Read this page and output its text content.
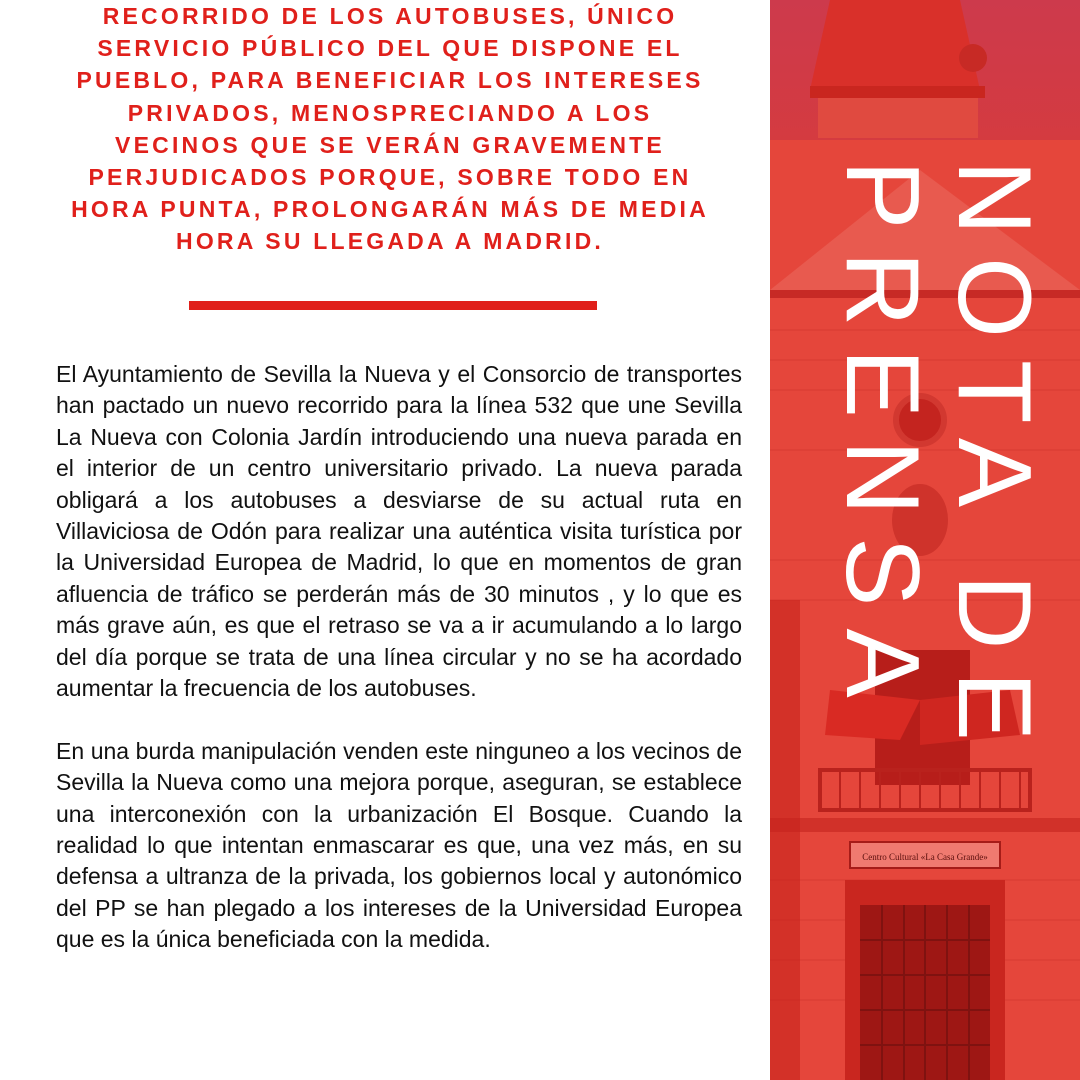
RECORRIDO DE LOS AUTOBUSES, ÚNICO
SERVICIO PÚBLICO DEL QUE DISPONE EL
PUEBLO, PARA BENEFICIAR LOS INTERESES
PRIVADOS, MENOSPRECIANDO A LOS
VECINOS QUE SE VERÁN GRAVEMENTE
PERJUDICADOS PORQUE, SOBRE TODO EN
HORA PUNTA, PROLONGARÁN MÁS DE MEDIA
HORA SU LLEGADA A MADRID.

El Ayuntamiento de Sevilla la Nueva y el Consorcio de transportes han pactado un nuevo recorrido para la línea 532 que une Sevilla La Nueva con Colonia Jardín introduciendo una nueva parada en el interior de un centro universitario privado. La nueva parada obligará a los autobuses a desviarse de su actual ruta en Villaviciosa de Odón para realizar una auténtica visita turística por la Universidad Europea de Madrid, lo que en momentos de gran afluencia de tráfico se perderán más de 30 minutos , y lo que es más grave aún, es que el retraso se va a ir acumulando a lo largo del día porque se trata de una línea circular y no se ha acordado aumentar la frecuencia de los autobuses.

En una burda manipulación venden este ninguneo a los vecinos de Sevilla la Nueva como una mejora porque, aseguran, se establece una interconexión con la urbanización El Bosque. Cuando la realidad lo que intentan enmascarar es que, una vez más, en su defensa a ultranza de la privada, los gobiernos local y autonómico del PP se han plegado a los intereses de la Universidad Europea que es la única beneficiada con la medida.

Centro Cultural «La Casa Grande»
NOTA DE
PRENSA
